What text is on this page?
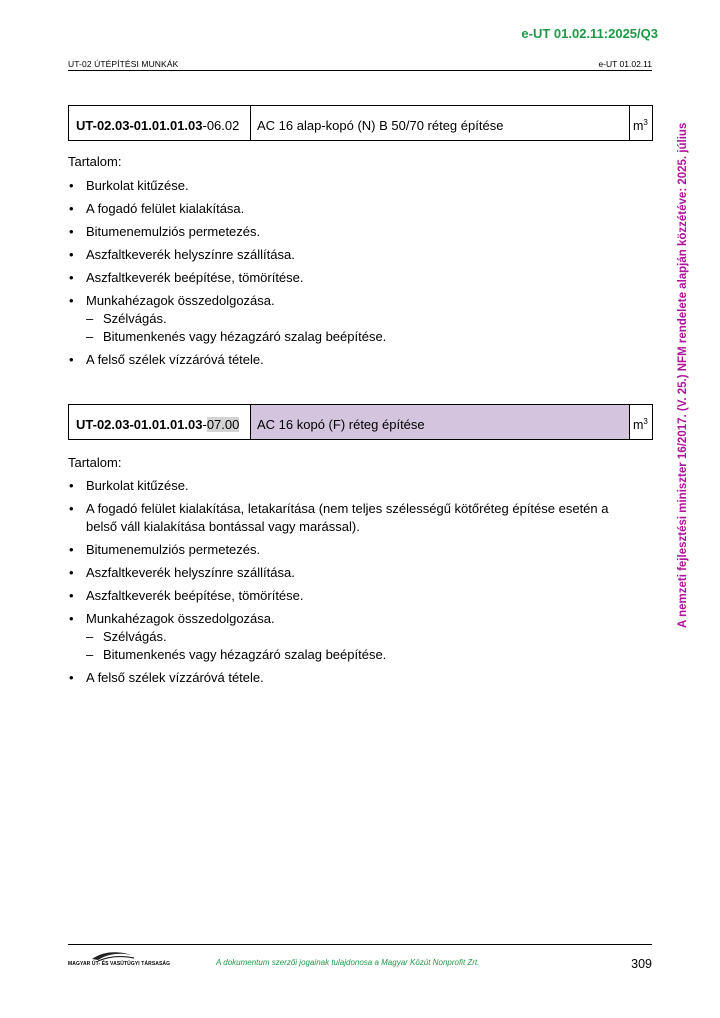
e-UT 01.02.11:2025/Q3
UT-02 ÚTÉPÍTÉSI MUNKÁK	e-UT 01.02.11
A nemzeti fejlesztési miniszter 16/2017. (V. 25.) NFM rendelete alapján közzétéve: 2025. július
UT-02.03-01.01.01.03-06.02	AC 16 alap-kopó (N) B 50/70 réteg építése	$m^3$
Tartalom:
• Burkolat kitűzése.
• A fogadó felület kialakítása.
• Bitumenemulziós permetezés.
• Aszfaltkeverék helyszínre szállítása.
• Aszfaltkeverék beépítése, tömörítése.
• Munkahézagok összedolgozása.
– Szélvágás.
– Bitumenkenés vagy hézagzáró szalag beépítése.
• A felső szélek vízzáróvá tétele.
UT-02.03-01.01.01.03-07.00	AC 16 kopó (F) réteg építése	$m^3$
Tartalom:
• Burkolat kitűzése.
• A fogadó felület kialakítása, letakarítása (nem teljes szélességű kötőréteg építése esetén a belső váll kialakítása bontással vagy marással).
• Bitumenemulziós permetezés.
• Aszfaltkeverék helyszínre szállítása.
• Aszfaltkeverék beépítése, tömörítése.
• Munkahézagok összedolgozása.
– Szélvágás.
– Bitumenkenés vagy hézagzáró szalag beépítése.
• A felső szélek vízzáróvá tétele.
MAGYAR ÚT- ÉS VASÚTÜGYI TÁRSASÁG	A dokumentum szerzői jogainak tulajdonosa a Magyar Közút Nonprofit Zrt.	309
